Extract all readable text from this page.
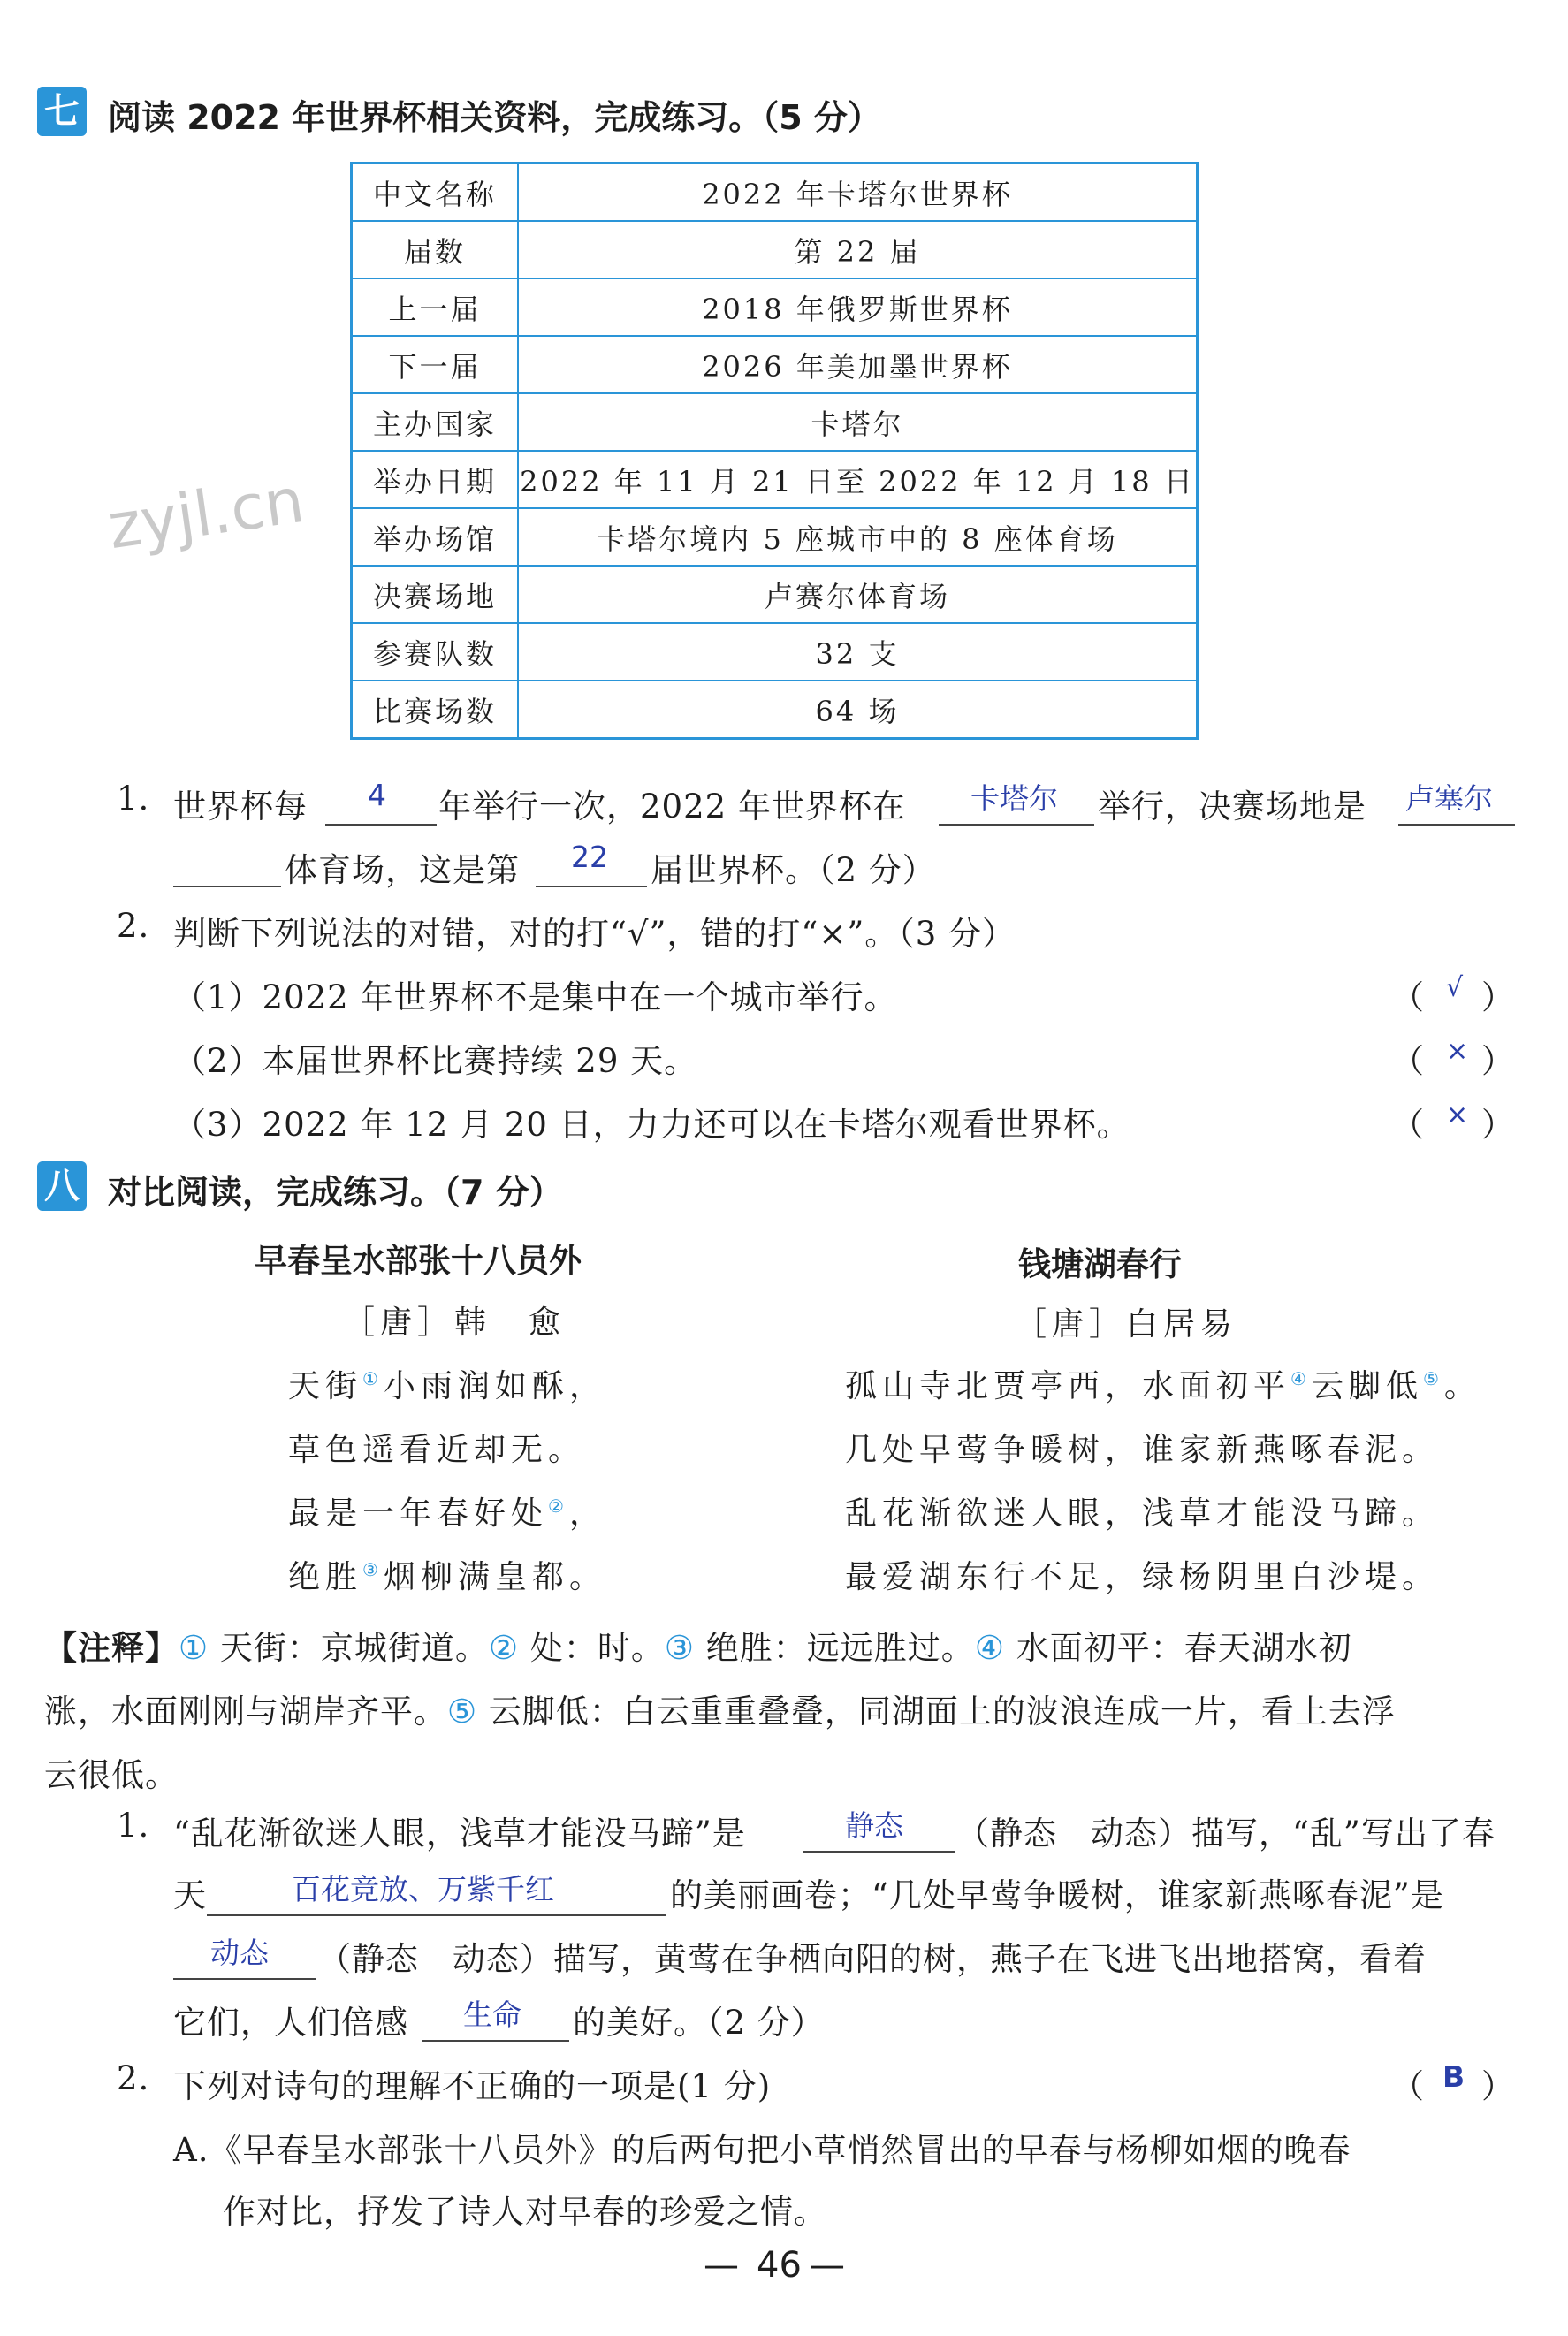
七 阅读 2022 年世界杯相关资料，完成练习。（5 分）
中文名称	2022 年卡塔尔世界杯
届数	第 22 届
上一届	2018 年俄罗斯世界杯
下一届	2026 年美加墨世界杯
主办国家	卡塔尔
举办日期	2022 年 11 月 21 日至 2022 年 12 月 18 日
举办场馆	卡塔尔境内 5 座城市中的 8 座体育场
决赛场地	卢赛尔体育场
参赛队数	32 支
比赛场数	64 场
zyjl.cn
1. 世界杯每 4 年举行一次，2022 年世界杯在 卡塔尔 举行，决赛场地是 卢塞尔
体育场，这是第 22 届世界杯。（2 分）
2. 判断下列说法的对错，对的打“√”，错的打“×”。（3 分）
（1）2022 年世界杯不是集中在一个城市举行。	（ √ ）
（2）本届世界杯比赛持续 29 天。	（ × ）
（3）2022 年 12 月 20 日，力力还可以在卡塔尔观看世界杯。	（ × ）
八 对比阅读，完成练习。（7 分）
早春呈水部张十八员外
［唐］韩　愈
天街①小雨润如酥，
草色遥看近却无。
最是一年春好处②，
绝胜③烟柳满皇都。
钱塘湖春行
［唐］白居易
孤山寺北贾亭西，水面初平④云脚低⑤。
几处早莺争暖树，谁家新燕啄春泥。
乱花渐欲迷人眼，浅草才能没马蹄。
最爱湖东行不足，绿杨阴里白沙堤。
【注释】① 天街：京城街道。② 处：时。③ 绝胜：远远胜过。④ 水面初平：春天湖水初
涨，水面刚刚与湖岸齐平。⑤ 云脚低：白云重重叠叠，同湖面上的波浪连成一片，看上去浮
云很低。
1. “乱花渐欲迷人眼，浅草才能没马蹄”是	静态 （静态　动态）描写，“乱”写出了春
天	百花竞放、万紫千红	的美丽画卷；“几处早莺争暖树，谁家新燕啄春泥”是
动态 （静态　动态）描写，黄莺在争栖向阳的树，燕子在飞进飞出地搭窝，看着
它们，人们倍感 生命 的美好。（2 分）
2. 下列对诗句的理解不正确的一项是(1 分)	（ B ）
A.《早春呈水部张十八员外》的后两句把小草悄然冒出的早春与杨柳如烟的晚春
作对比，抒发了诗人对早春的珍爱之情。
— 46 —
